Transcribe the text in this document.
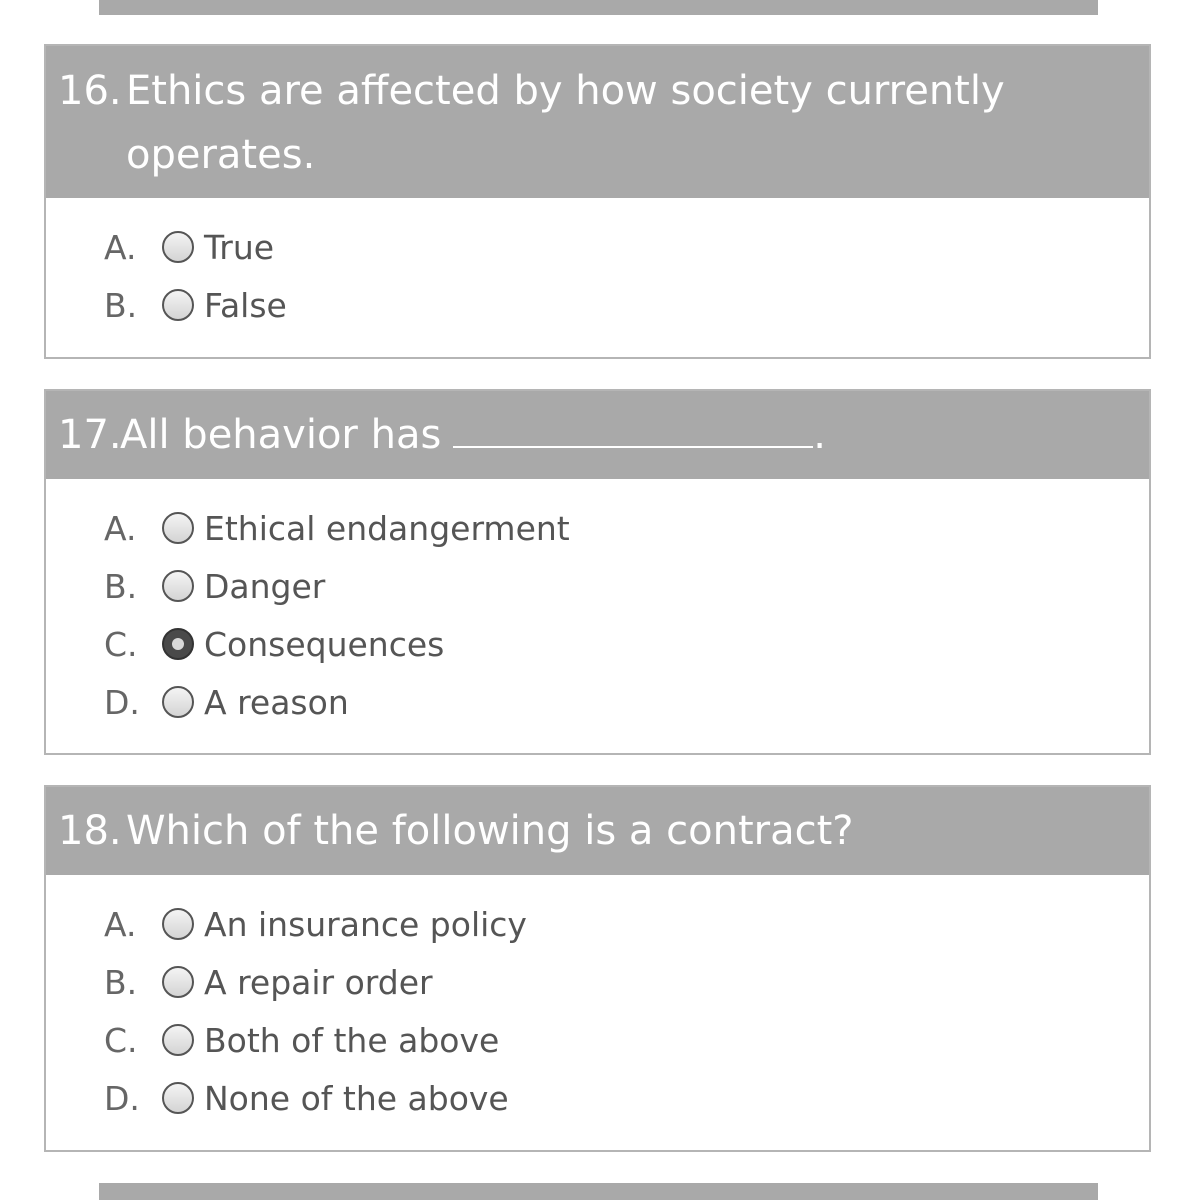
16. Ethics are affected by how society currently operates.
A.	True
B.	False
17.
All behavior has	.
A.	Ethical endangerment
B.	Danger
C.	Consequences
D.	A reason
18. Which of the following is a contract?
A.	An insurance policy
B.	A repair order
C.	Both of the above
D.	None of the above
